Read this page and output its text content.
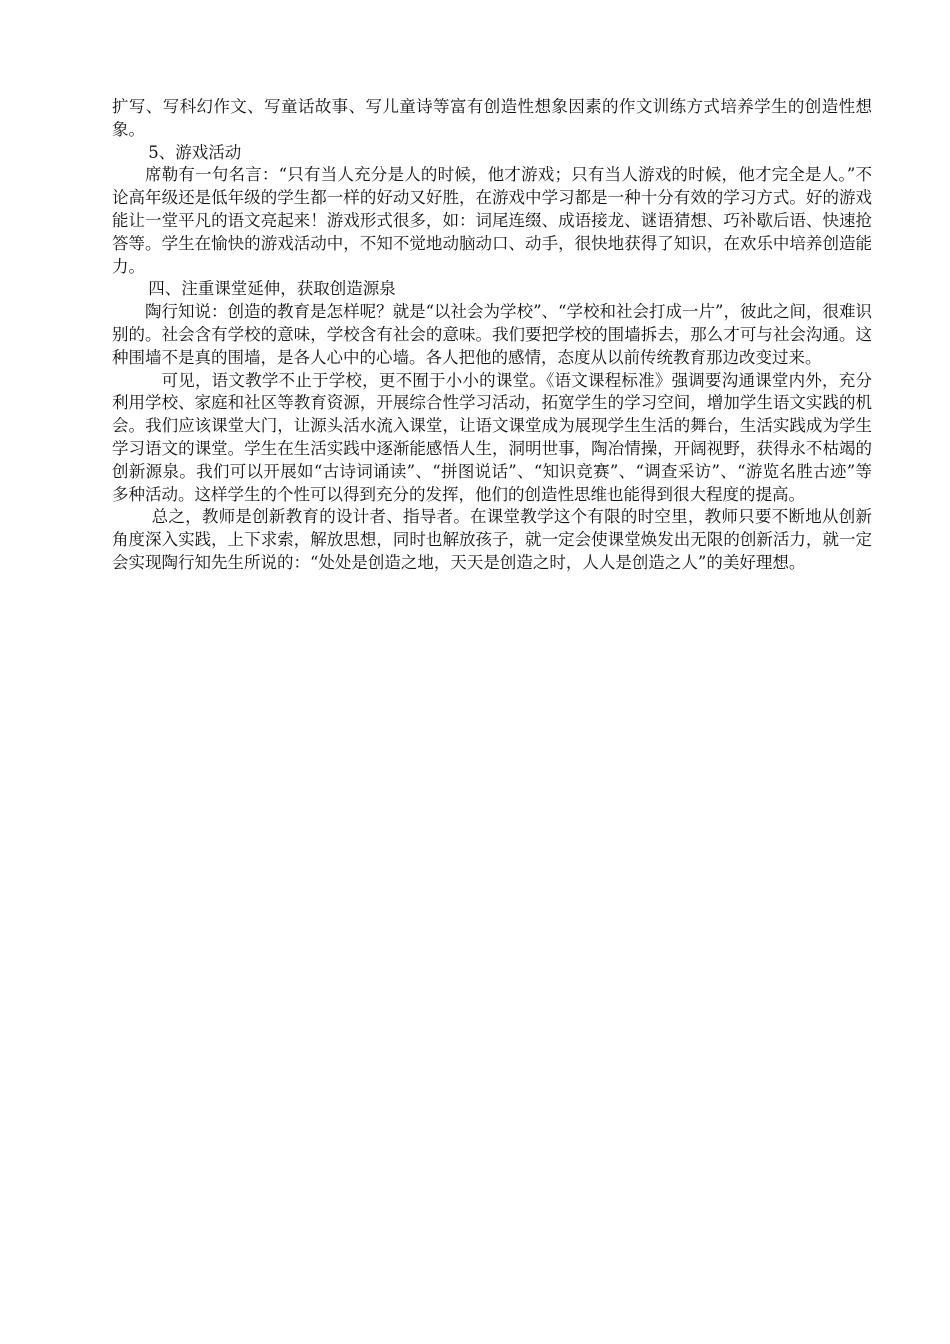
扩写、写科幻作文、写童话故事、写儿童诗等富有创造性想象因素的作文训练方式培养学生的创造性想象。

5、游戏活动

席勒有一句名言：“只有当人充分是人的时候，他才游戏；只有当人游戏的时候，他才完全是人。”不论高年级还是低年级的学生都一样的好动又好胜，在游戏中学习都是一种十分有效的学习方式。好的游戏能让一堂平凡的语文亮起来！游戏形式很多，如：词尾连缀、成语接龙、谜语猜想、巧补歇后语、快速抢答等。学生在愉快的游戏活动中，不知不觉地动脑动口、动手，很快地获得了知识，在欢乐中培养创造能力。

四、注重课堂延伸，获取创造源泉

陶行知说：创造的教育是怎样呢？就是“以社会为学校”、“学校和社会打成一片”，彼此之间，很难识别的。社会含有学校的意味，学校含有社会的意味。我们要把学校的围墙拆去，那么才可与社会沟通。这种围墙不是真的围墙，是各人心中的心墙。各人把他的感情，态度从以前传统教育那边改变过来。

可见，语文教学不止于学校，更不囿于小小的课堂。《语文课程标准》强调要沟通课堂内外，充分利用学校、家庭和社区等教育资源，开展综合性学习活动，拓宽学生的学习空间，增加学生语文实践的机会。我们应该课堂大门，让源头活水流入课堂，让语文课堂成为展现学生生活的舞台，生活实践成为学生学习语文的课堂。学生在生活实践中逐渐能感悟人生，洞明世事，陶冶情操，开阔视野，获得永不枯竭的创新源泉。我们可以开展如“古诗词诵读”、“拼图说话”、“知识竞赛”、“调查采访”、“游览名胜古迹”等多种活动。这样学生的个性可以得到充分的发挥，他们的创造性思维也能得到很大程度的提高。

总之，教师是创新教育的设计者、指导者。在课堂教学这个有限的时空里，教师只要不断地从创新角度深入实践，上下求索，解放思想，同时也解放孩子，就一定会使课堂焕发出无限的创新活力，就一定会实现陶行知先生所说的：“处处是创造之地，天天是创造之时，人人是创造之人”的美好理想。
